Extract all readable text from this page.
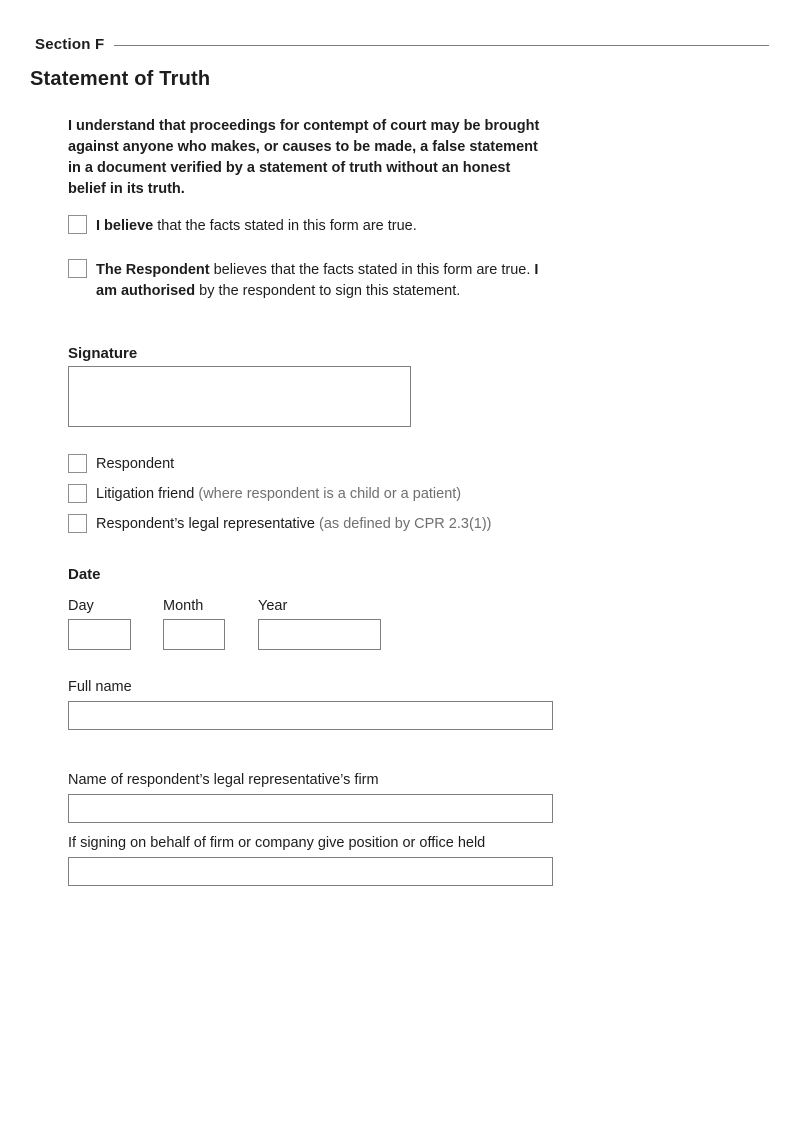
Section F
Statement of Truth

I understand that proceedings for contempt of court may be brought against anyone who makes, or causes to be made, a false statement in a document verified by a statement of truth without an honest belief in its truth.

I believe that the facts stated in this form are true.
The Respondent believes that the facts stated in this form are true. I am authorised by the respondent to sign this statement.
Signature
Respondent
Litigation friend (where respondent is a child or a patient)
Respondent’s legal representative (as defined by CPR 2.3(1))
Date
Day	Month	Year
Full name
Name of respondent’s legal representative’s firm
If signing on behalf of firm or company give position or office held
